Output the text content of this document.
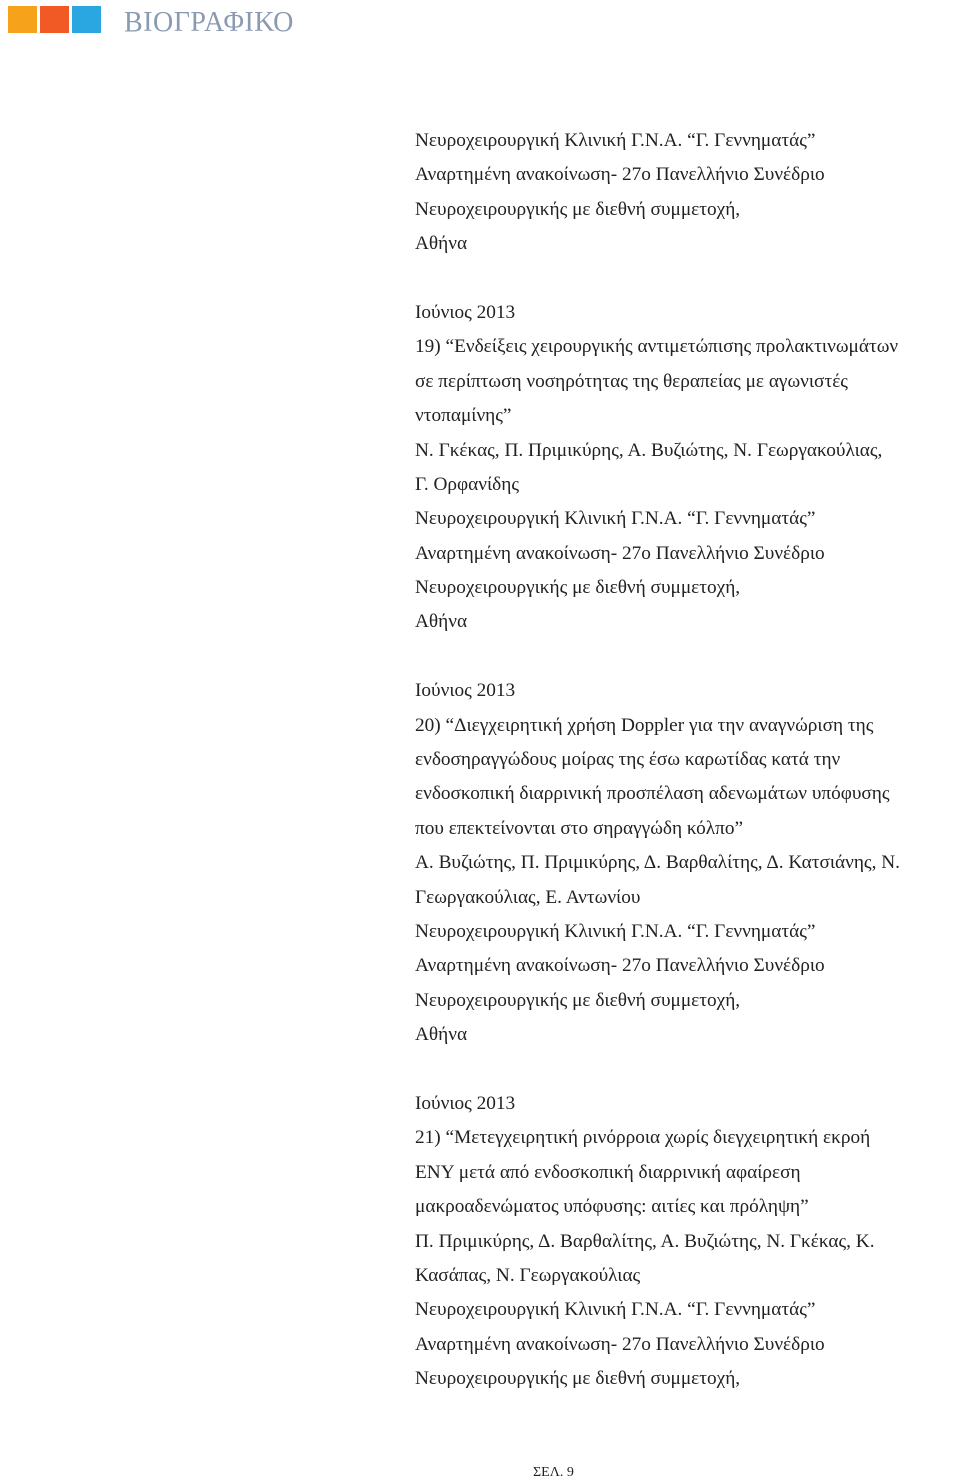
ΒΙΟΓΡΑΦΙΚΟ
Νευροχειρουργική Κλινική Γ.Ν.Α. “Γ. Γεννηματάς”
Αναρτημένη ανακοίνωση- 27ο Πανελλήνιο Συνέδριο
Νευροχειρουργικής με διεθνή συμμετοχή,
Αθήνα
Ιούνιος 2013
19) “Ενδείξεις χειρουργικής αντιμετώπισης προλακτινωμάτων
σε περίπτωση νοσηρότητας της θεραπείας με αγωνιστές
ντοπαμίνης”
Ν. Γκέκας, Π. Πριμικύρης, Α. Βυζιώτης, Ν. Γεωργακούλιας,
Γ. Ορφανίδης
Νευροχειρουργική Κλινική Γ.Ν.Α. “Γ. Γεννηματάς”
Αναρτημένη ανακοίνωση- 27ο Πανελλήνιο Συνέδριο
Νευροχειρουργικής με διεθνή συμμετοχή,
Αθήνα
Ιούνιος 2013
20) “Διεγχειρητική χρήση Doppler για την αναγνώριση της
ενδοσηραγγώδους μοίρας της έσω καρωτίδας κατά την
ενδοσκοπική διαρρινική προσπέλαση αδενωμάτων υπόφυσης
που επεκτείνονται στο σηραγγώδη κόλπο”
Α. Βυζιώτης, Π. Πριμικύρης, Δ. Βαρθαλίτης, Δ. Κατσιάνης, Ν.
Γεωργακούλιας, Ε. Αντωνίου
Νευροχειρουργική Κλινική Γ.Ν.Α. “Γ. Γεννηματάς”
Αναρτημένη ανακοίνωση- 27ο Πανελλήνιο Συνέδριο
Νευροχειρουργικής με διεθνή συμμετοχή,
Αθήνα
Ιούνιος 2013
21) “Μετεγχειρητική ρινόρροια χωρίς διεγχειρητική εκροή
ΕΝΥ μετά από ενδοσκοπική διαρρινική αφαίρεση
μακροαδενώματος υπόφυσης: αιτίες και πρόληψη”
Π. Πριμικύρης, Δ. Βαρθαλίτης, Α. Βυζιώτης, Ν. Γκέκας, Κ.
Κασάπας, Ν. Γεωργακούλιας
Νευροχειρουργική Κλινική Γ.Ν.Α. “Γ. Γεννηματάς”
Αναρτημένη ανακοίνωση- 27ο Πανελλήνιο Συνέδριο
Νευροχειρουργικής με διεθνή συμμετοχή,
ΣΕΛ. 9
